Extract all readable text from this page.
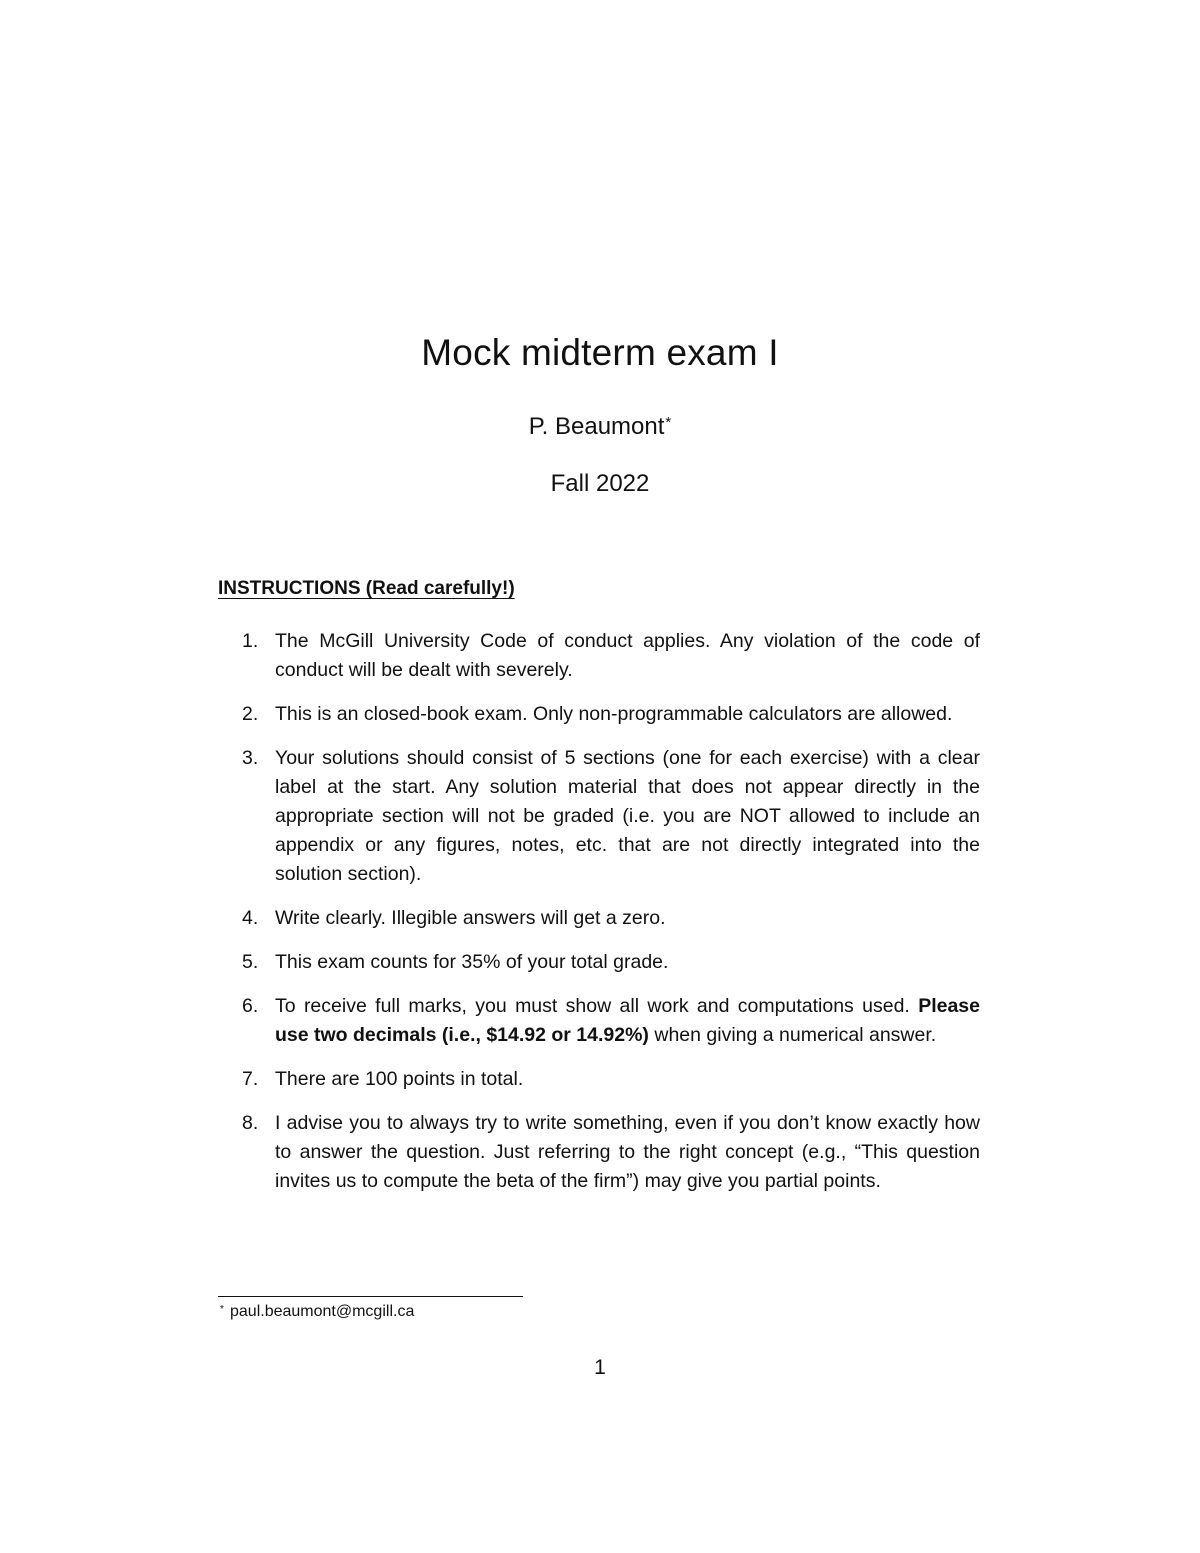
Mock midterm exam I
P. Beaumont*
Fall 2022
INSTRUCTIONS (Read carefully!)
1. The McGill University Code of conduct applies. Any violation of the code of conduct will be dealt with severely.
2. This is an closed-book exam. Only non-programmable calculators are allowed.
3. Your solutions should consist of 5 sections (one for each exercise) with a clear label at the start. Any solution material that does not appear directly in the appropriate section will not be graded (i.e. you are NOT allowed to include an appendix or any figures, notes, etc. that are not directly integrated into the solution section).
4. Write clearly. Illegible answers will get a zero.
5. This exam counts for 35% of your total grade.
6. To receive full marks, you must show all work and computations used. Please use two decimals (i.e., $14.92 or 14.92%) when giving a numerical answer.
7. There are 100 points in total.
8. I advise you to always try to write something, even if you don’t know exactly how to answer the question. Just referring to the right concept (e.g., “This question invites us to compute the beta of the firm”) may give you partial points.
* paul.beaumont@mcgill.ca
1
